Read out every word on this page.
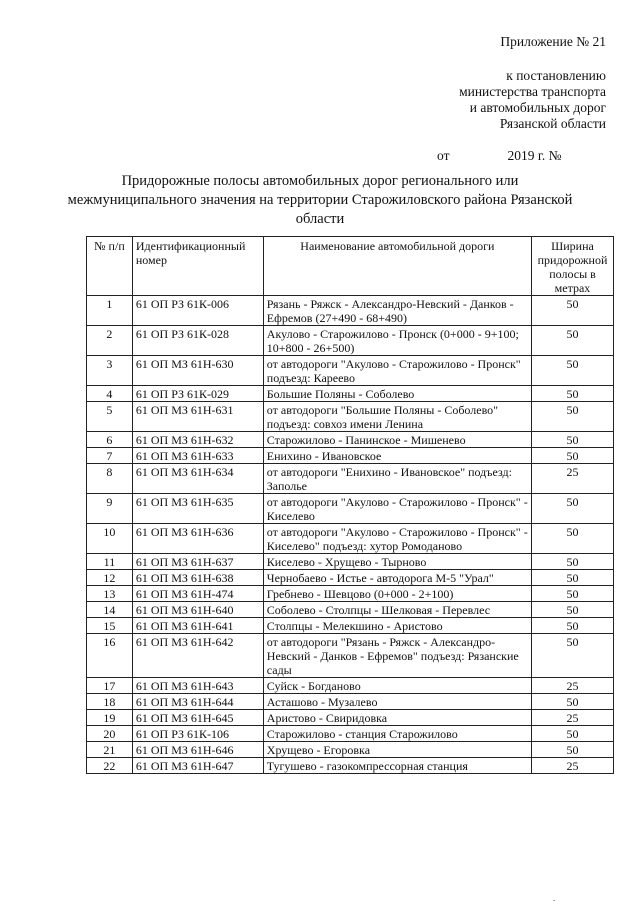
Приложение № 21
к постановлению
министерства транспорта
и автомобильных дорог
Рязанской области
от	2019 г. №
Придорожные полосы автомобильных дорог регионального или межмуниципального значения на территории Старожиловского района Рязанской области
№ п/п	Идентификационный номер	Наименование автомобильной дороги	Ширина придорожной полосы в метрах
1	61 ОП РЗ 61К-006	Рязань - Ряжск - Александро-Невский - Данков - Ефремов (27+490 - 68+490)	50
2	61 ОП РЗ 61К-028	Акулово - Старожилово - Пронск (0+000 - 9+100; 10+800 - 26+500)	50
3	61 ОП МЗ 61Н-630	от автодороги "Акулово - Старожилово - Пронск" подъезд: Кареево	50
4	61 ОП РЗ 61К-029	Большие Поляны - Соболево	50
5	61 ОП МЗ 61Н-631	от автодороги "Большие Поляны - Соболево" подъезд: совхоз имени Ленина	50
6	61 ОП МЗ 61Н-632	Старожилово - Панинское - Мишенево	50
7	61 ОП МЗ 61Н-633	Енихино - Ивановское	50
8	61 ОП МЗ 61Н-634	от автодороги "Енихино - Ивановское" подъезд: Заполье	25
9	61 ОП МЗ 61Н-635	от автодороги "Акулово - Старожилово - Пронск" - Киселево	50
10	61 ОП МЗ 61Н-636	от автодороги "Акулово - Старожилово - Пронск" - Киселево" подъезд: хутор Ромоданово	50
11	61 ОП МЗ 61Н-637	Киселево - Хрущево - Тырново	50
12	61 ОП МЗ 61Н-638	Чернобаево - Истье - автодорога М-5 "Урал"	50
13	61 ОП МЗ 61Н-474	Гребнево - Шевцово (0+000 - 2+100)	50
14	61 ОП МЗ 61Н-640	Соболево - Столпцы - Шелковая - Перевлес	50
15	61 ОП МЗ 61Н-641	Столпцы - Мелекшино - Аристово	50
16	61 ОП МЗ 61Н-642	от автодороги "Рязань - Ряжск - Александро-Невский - Данков - Ефремов" подъезд: Рязанские сады	50
17	61 ОП МЗ 61Н-643	Суйск - Богданово	25
18	61 ОП МЗ 61Н-644	Асташово - Музалево	50
19	61 ОП МЗ 61Н-645	Аристово - Свиридовка	25
20	61 ОП РЗ 61К-106	Старожилово - станция Старожилово	50
21	61 ОП МЗ 61Н-646	Хрущево - Егоровка	50
22	61 ОП МЗ 61Н-647	Тугушево - газокомпрессорная станция	25
.
